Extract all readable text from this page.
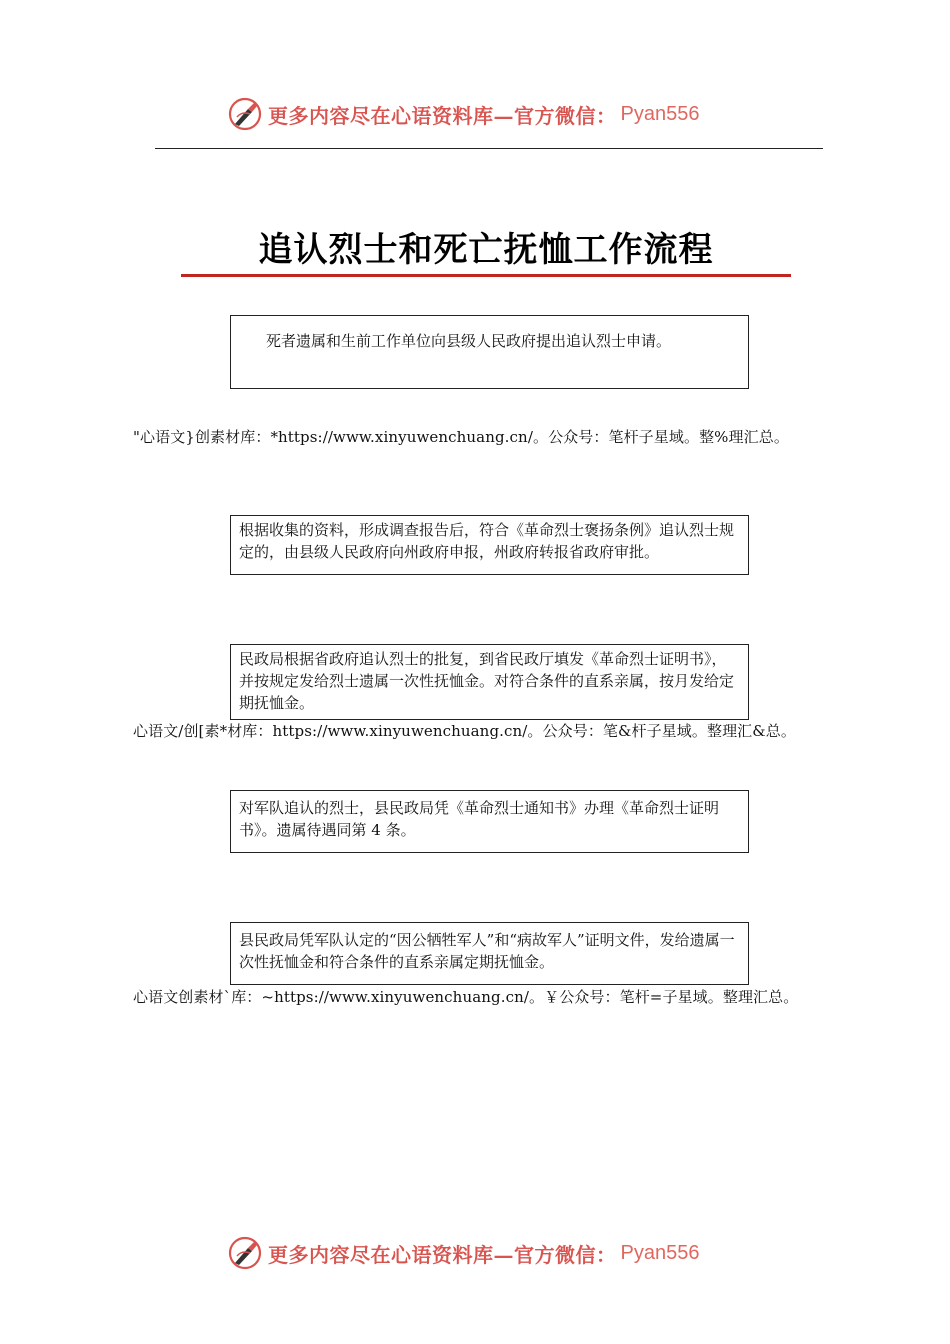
更多内容尽在心语资料库—官方微信： Pyan556
追认烈士和死亡抚恤工作流程
死者遗属和生前工作单位向县级人民政府提出追认烈士申请。
"心语文}创素材库：*https://www.xinyuwenchuang.cn/。公众号：笔杆子星域。整%理汇总。
根据收集的资料，形成调查报告后，符合《革命烈士褒扬条例》追认烈士规定的，由县级人民政府向州政府申报，州政府转报省政府审批。
民政局根据省政府追认烈士的批复，到省民政厅填发《革命烈士证明书》，并按规定发给烈士遗属一次性抚恤金。对符合条件的直系亲属，按月发给定期抚恤金。
心语文/创[素*材库：https://www.xinyuwenchuang.cn/。公众号：笔&杆子星域。整理汇&总。
对军队追认的烈士，县民政局凭《革命烈士通知书》办理《革命烈士证明书》。遗属待遇同第 4 条。
县民政局凭军队认定的“因公牺牲军人”和“病故军人”证明文件，发给遗属一次性抚恤金和符合条件的直系亲属定期抚恤金。
心语文创素材`库：~https://www.xinyuwenchuang.cn/。￥公众号：笔杆=子星域。整理汇总。
更多内容尽在心语资料库—官方微信： Pyan556
